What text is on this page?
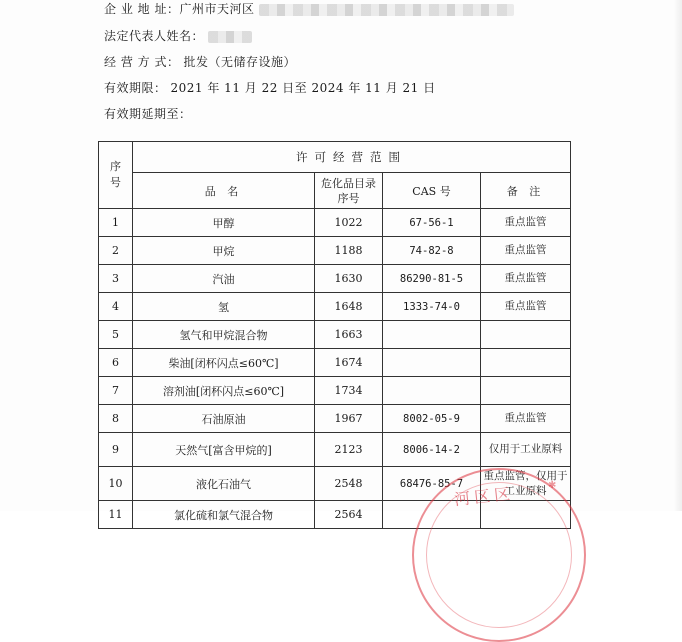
企 业 地 址：广州市天河区
法定代表人姓名：
经 营 方 式： 批发（无储存设施）
有效期限： 2021 年 11 月 22 日至 2024 年 11 月 21 日
有效期延期至：
序号	许可经营范围			
	品 名	危化品目录序号	CAS 号	备 注
1	甲醇	1022	67-56-1	重点监管
2	甲烷	1188	74-82-8	重点监管
3	汽油	1630	86290-81-5	重点监管
4	氢	1648	1333-74-0	重点监管
5	氢气和甲烷混合物	1663		
6	柴油[闭杯闪点≤60℃]	1674		
7	溶剂油[闭杯闪点≤60℃]	1734		
8	石油原油	1967	8002-05-9	重点监管
9	天然气[富含甲烷的]	2123	8006-14-2	仅用于工业原料
10	液化石油气	2548	68476-85-7	重点监管，仅用于工业原料
11	氯化硫和氯气混合物	2564		
河区区	✱
